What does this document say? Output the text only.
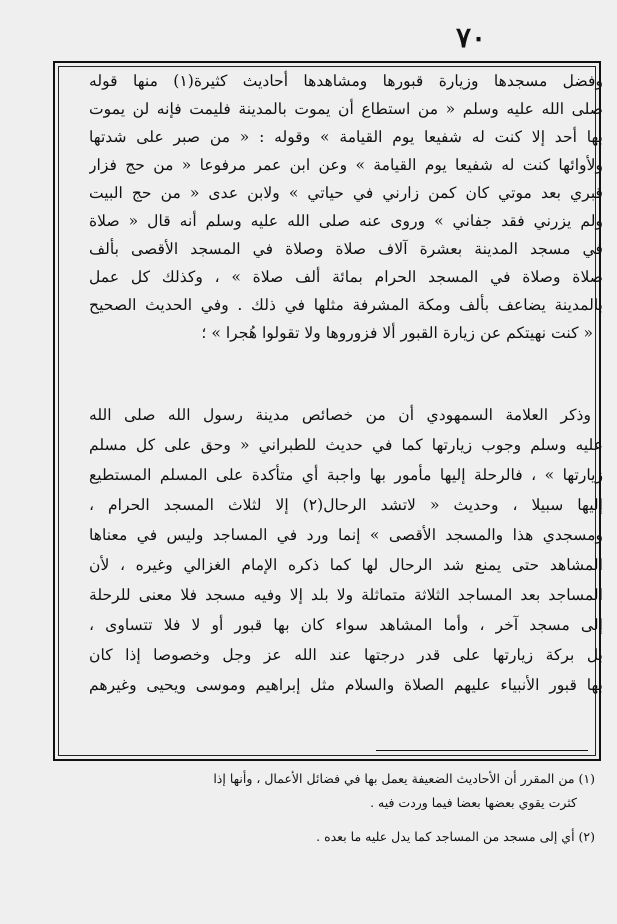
٧٠
وفضل مسجدها وزيارة قبورها ومشاهدها أحاديث كثيرة(١) منها قوله
صلى الله عليه وسلم « من استطاع أن يموت بالمدينة فليمت فإنه لن يموت
بها أحد إلا كنت له شفيعا يوم القيامة » وقوله : « من صبر على شدتها
ولأوائها كنت له شفيعا يوم القيامة » وعن ابن عمر مرفوعا « من حج فزار
قبري بعد موتي كان كمن زارني في حياتي » ولابن عدى « من حج البيت
ولم يزرني فقد جفاني » وروى عنه صلى الله عليه وسلم أنه قال « صلاة
في مسجد المدينة بعشرة آلاف صلاة وصلاة في المسجد الأقصى بألف
صلاة وصلاة في المسجد الحرام بمائة ألف صلاة » ، وكذلك كل عمل
بالمدينة يضاعف بألف ومكة المشرفة مثلها في ذلك . وفي الحديث الصحيح
« كنت نهيتكم عن زيارة القبور ألا فزوروها ولا تقولوا هُجرا » ؛
وذكر العلامة السمهودي أن من خصائص مدينة رسول الله صلى الله
عليه وسلم وجوب زيارتها كما في حديث للطبراني « وحق على كل مسلم
زيارتها » ، فالرحلة إليها مأمور بها واجبة أي متأكدة على المسلم المستطيع
إليها سبيلا ، وحديث « لاتشد الرحال(٢) إلا لثلاث المسجد الحرام ،
ومسجدي هذا والمسجد الأقصى » إنما ورد في المساجد وليس في معناها
المشاهد حتى يمنع شد الرحال لها كما ذكره الإمام الغزالي وغيره ، لأن
المساجد بعد المساجد الثلاثة متماثلة ولا بلد إلا وفيه مسجد فلا معنى للرحلة
إلى مسجد آخر ، وأما المشاهد سواء كان بها قبور أو لا فلا تتساوى ،
بل بركة زيارتها على قدر درجتها عند الله عز وجل وخصوصا إذا كان
بها قبور الأنبياء عليهم الصلاة والسلام مثل إبراهيم وموسى ويحيى وغيرهم
(١) من المقرر أن الأحاديث الضعيفة يعمل بها في فضائل الأعمال ، وأنها إذا
كثرت يقوي بعضها بعضا فيما وردت فيه .
(٢) أي إلى مسجد من المساجد كما يدل عليه ما بعده .
